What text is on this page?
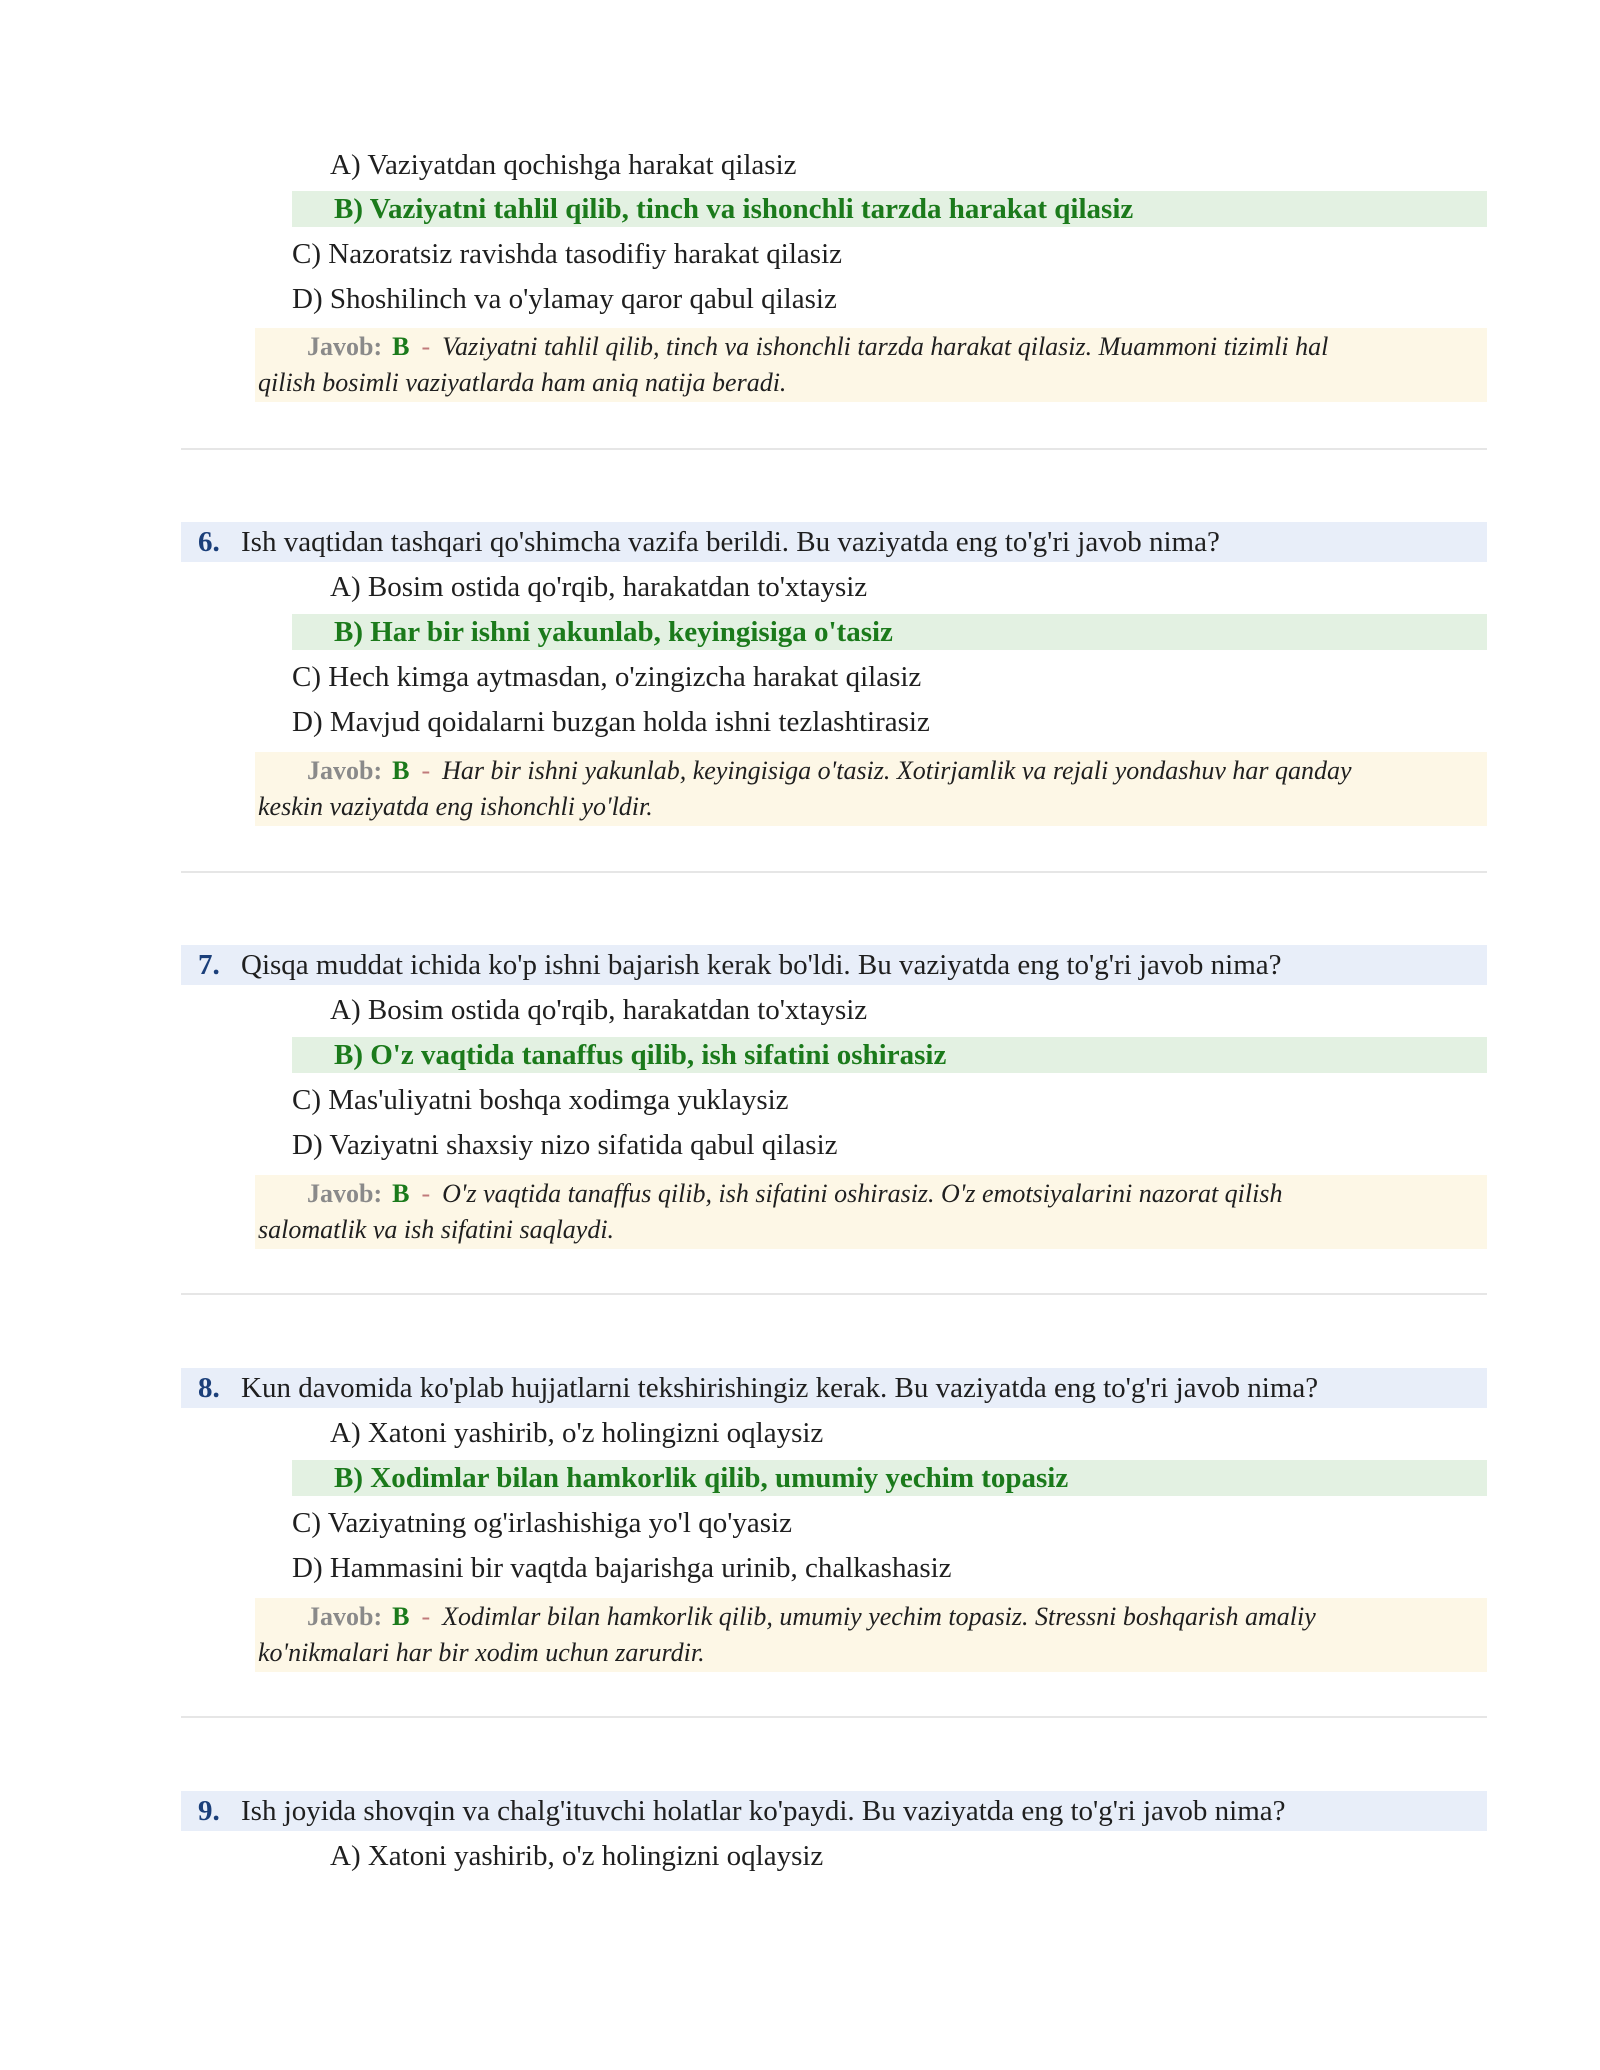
A) Vaziyatdan qochishga harakat qilasiz
B) Vaziyatni tahlil qilib, tinch va ishonchli tarzda harakat qilasiz
C) Nazoratsiz ravishda tasodifiy harakat qilasiz
D) Shoshilinch va o'ylamay qaror qabul qilasiz
Javob: B - Vaziyatni tahlil qilib, tinch va ishonchli tarzda harakat qilasiz. Muammoni tizimli hal
qilish bosimli vaziyatlarda ham aniq natija beradi.
6. Ish vaqtidan tashqari qo'shimcha vazifa berildi. Bu vaziyatda eng to'g'ri javob nima?
A) Bosim ostida qo'rqib, harakatdan to'xtaysiz
B) Har bir ishni yakunlab, keyingisiga o'tasiz
C) Hech kimga aytmasdan, o'zingizcha harakat qilasiz
D) Mavjud qoidalarni buzgan holda ishni tezlashtirasiz
Javob: B - Har bir ishni yakunlab, keyingisiga o'tasiz. Xotirjamlik va rejali yondashuv har qanday
keskin vaziyatda eng ishonchli yo'ldir.
7. Qisqa muddat ichida ko'p ishni bajarish kerak bo'ldi. Bu vaziyatda eng to'g'ri javob nima?
A) Bosim ostida qo'rqib, harakatdan to'xtaysiz
B) O'z vaqtida tanaffus qilib, ish sifatini oshirasiz
C) Mas'uliyatni boshqa xodimga yuklaysiz
D) Vaziyatni shaxsiy nizo sifatida qabul qilasiz
Javob: B - O'z vaqtida tanaffus qilib, ish sifatini oshirasiz. O'z emotsiyalarini nazorat qilish
salomatlik va ish sifatini saqlaydi.
8. Kun davomida ko'plab hujjatlarni tekshirishingiz kerak. Bu vaziyatda eng to'g'ri javob nima?
A) Xatoni yashirib, o'z holingizni oqlaysiz
B) Xodimlar bilan hamkorlik qilib, umumiy yechim topasiz
C) Vaziyatning og'irlashishiga yo'l qo'yasiz
D) Hammasini bir vaqtda bajarishga urinib, chalkashasiz
Javob: B - Xodimlar bilan hamkorlik qilib, umumiy yechim topasiz. Stressni boshqarish amaliy
ko'nikmalari har bir xodim uchun zarurdir.
9. Ish joyida shovqin va chalg'ituvchi holatlar ko'paydi. Bu vaziyatda eng to'g'ri javob nima?
A) Xatoni yashirib, o'z holingizni oqlaysiz
